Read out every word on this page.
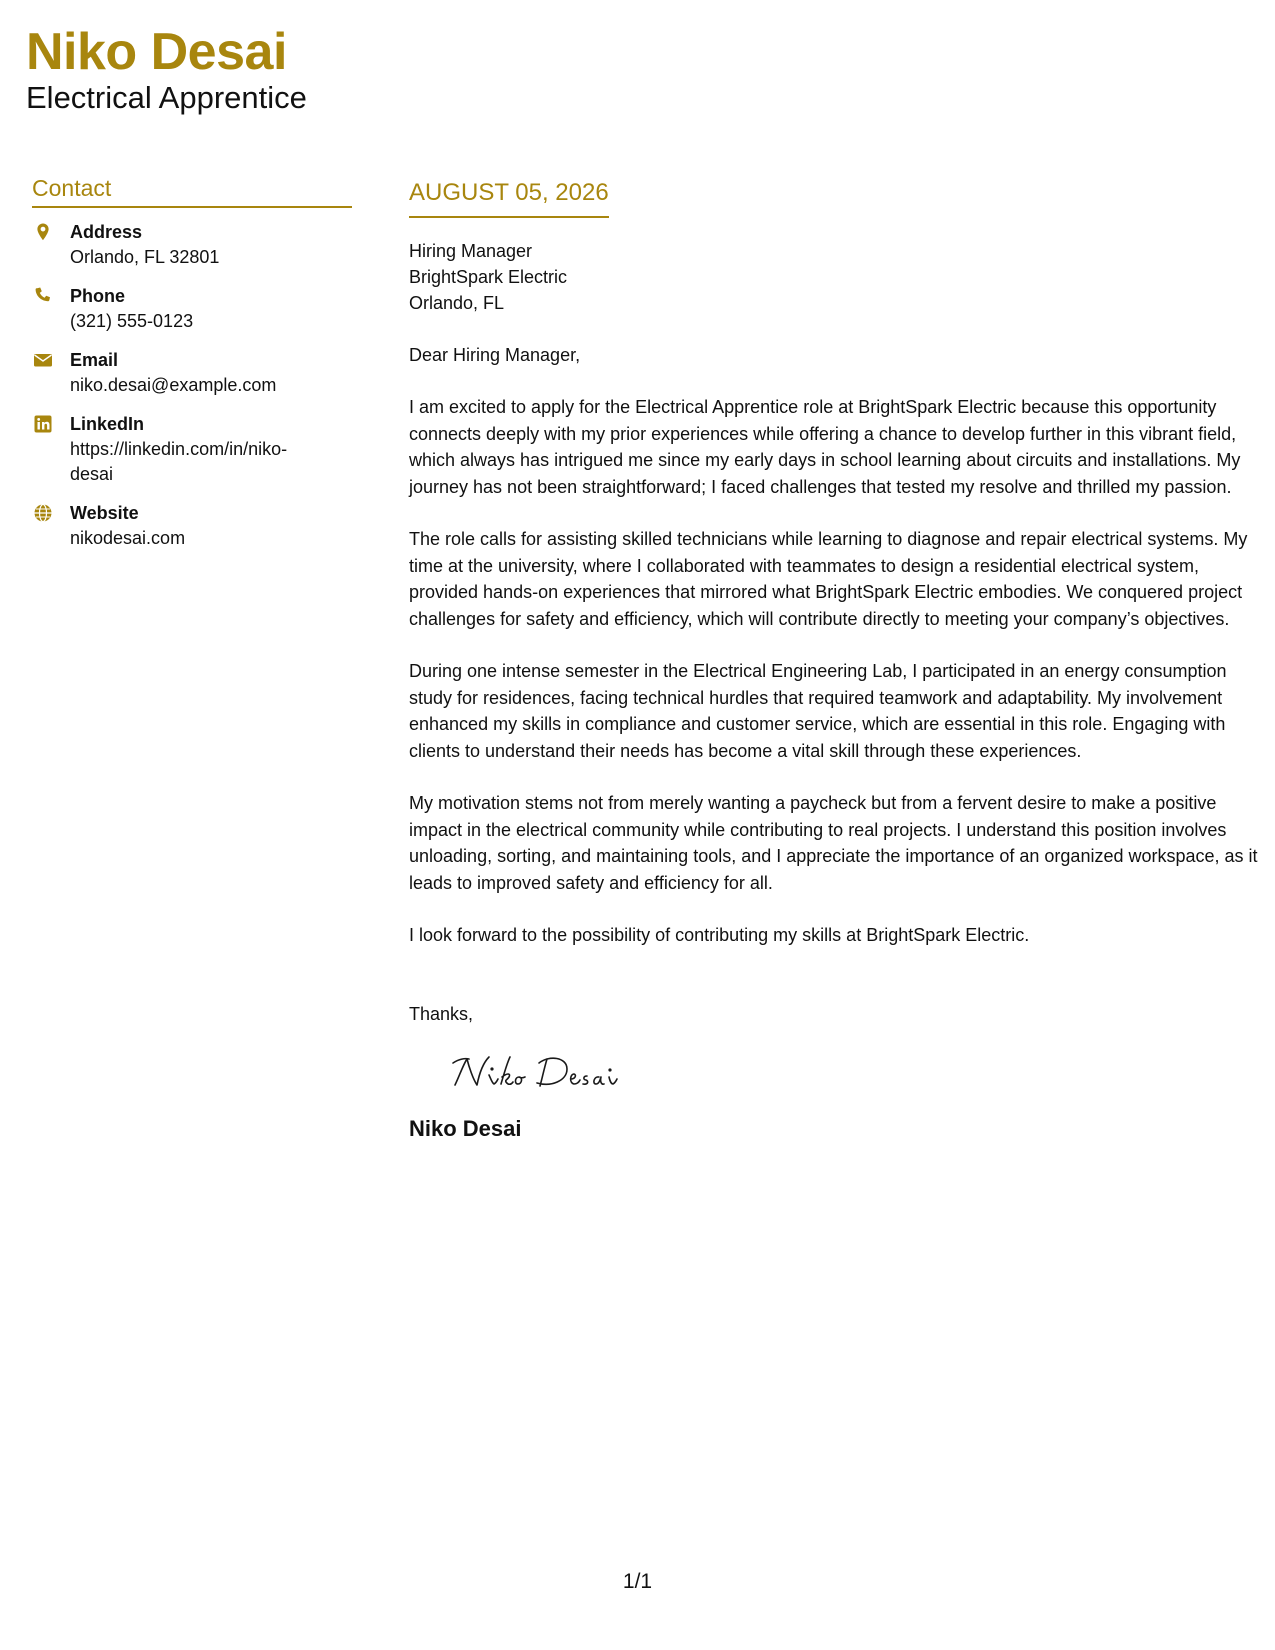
Niko Desai
Electrical Apprentice
Contact
Address
Orlando, FL 32801
Phone
(321) 555-0123
Email
niko.desai@example.com
LinkedIn
https://linkedin.com/in/niko-desai
Website
nikodesai.com
AUGUST 05, 2026
Hiring Manager
BrightSpark Electric
Orlando, FL
Dear Hiring Manager,
I am excited to apply for the Electrical Apprentice role at BrightSpark Electric because this opportunity connects deeply with my prior experiences while offering a chance to develop further in this vibrant field, which always has intrigued me since my early days in school learning about circuits and installations. My journey has not been straightforward; I faced challenges that tested my resolve and thrilled my passion.
The role calls for assisting skilled technicians while learning to diagnose and repair electrical systems. My time at the university, where I collaborated with teammates to design a residential electrical system, provided hands-on experiences that mirrored what BrightSpark Electric embodies. We conquered project challenges for safety and efficiency, which will contribute directly to meeting your company’s objectives.
During one intense semester in the Electrical Engineering Lab, I participated in an energy consumption study for residences, facing technical hurdles that required teamwork and adaptability. My involvement enhanced my skills in compliance and customer service, which are essential in this role. Engaging with clients to understand their needs has become a vital skill through these experiences.
My motivation stems not from merely wanting a paycheck but from a fervent desire to make a positive impact in the electrical community while contributing to real projects. I understand this position involves unloading, sorting, and maintaining tools, and I appreciate the importance of an organized workspace, as it leads to improved safety and efficiency for all.
I look forward to the possibility of contributing my skills at BrightSpark Electric.
Thanks,
Niko Desai
1/1
